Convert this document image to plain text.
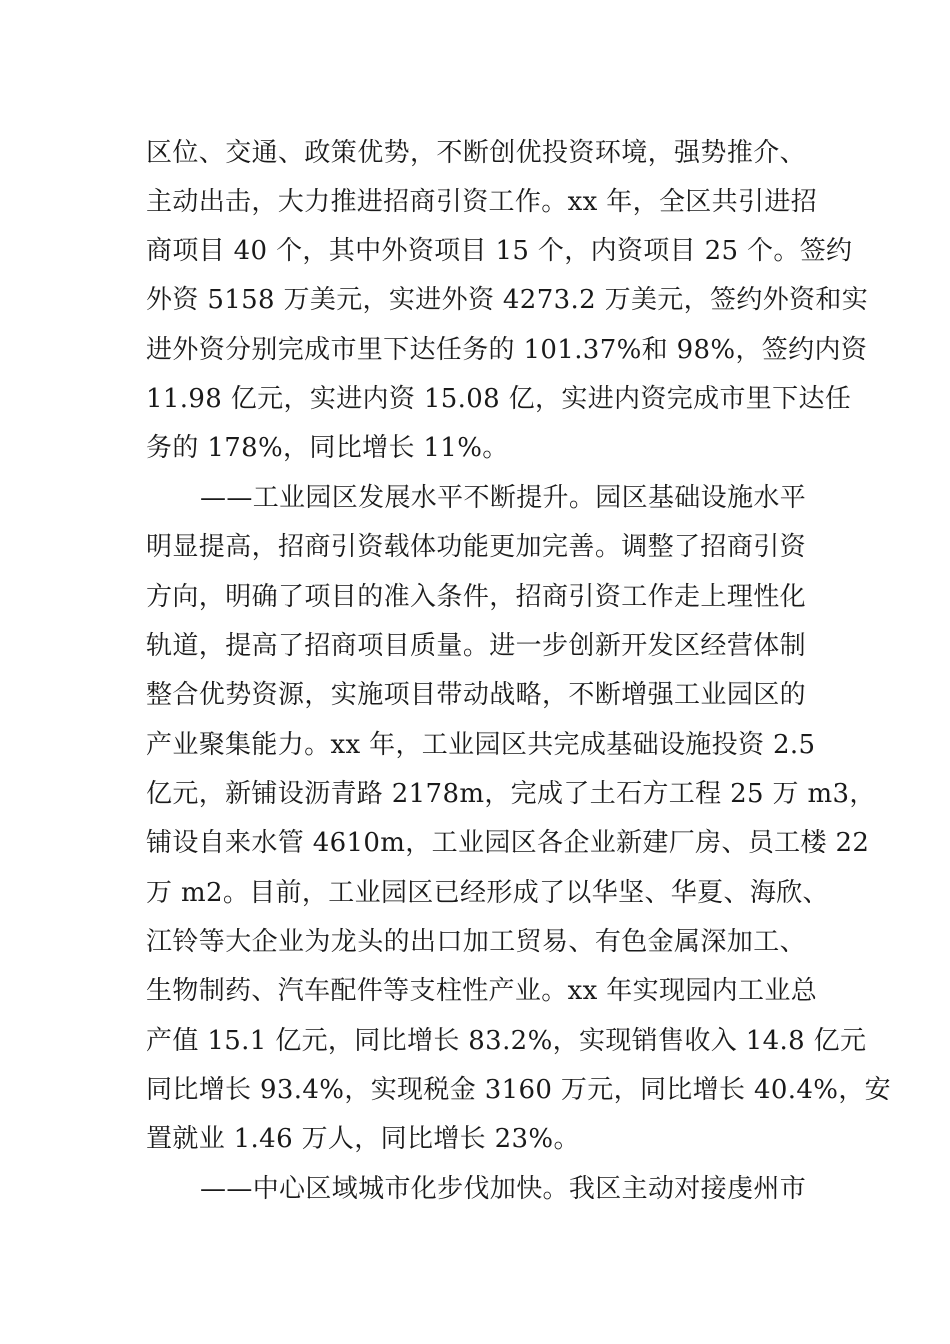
区位、交通、政策优势，不断创优投资环境，强势推介、
主动出击，大力推进招商引资工作。xx 年，全区共引进招
商项目 40 个，其中外资项目 15 个，内资项目 25 个。签约
外资 5158 万美元，实进外资 4273.2 万美元，签约外资和实
进外资分别完成市里下达任务的 101.37%和 98%，签约内资
11.98 亿元，实进内资 15.08 亿，实进内资完成市里下达任
务的 178%，同比增长 11%。
——工业园区发展水平不断提升。园区基础设施水平
明显提高，招商引资载体功能更加完善。调整了招商引资
方向，明确了项目的准入条件，招商引资工作走上理性化
轨道，提高了招商项目质量。进一步创新开发区经营体制
整合优势资源，实施项目带动战略，不断增强工业园区的
产业聚集能力。xx 年，工业园区共完成基础设施投资 2.5
亿元，新铺设沥青路 2178m，完成了土石方工程 25 万 m3，
铺设自来水管 4610m，工业园区各企业新建厂房、员工楼 22
万 m2。目前，工业园区已经形成了以华坚、华夏、海欣、
江铃等大企业为龙头的出口加工贸易、有色金属深加工、
生物制药、汽车配件等支柱性产业。xx 年实现园内工业总
产值 15.1 亿元，同比增长 83.2%，实现销售收入 14.8 亿元
同比增长 93.4%，实现税金 3160 万元，同比增长 40.4%，安
置就业 1.46 万人，同比增长 23%。
——中心区域城市化步伐加快。我区主动对接虔州市
